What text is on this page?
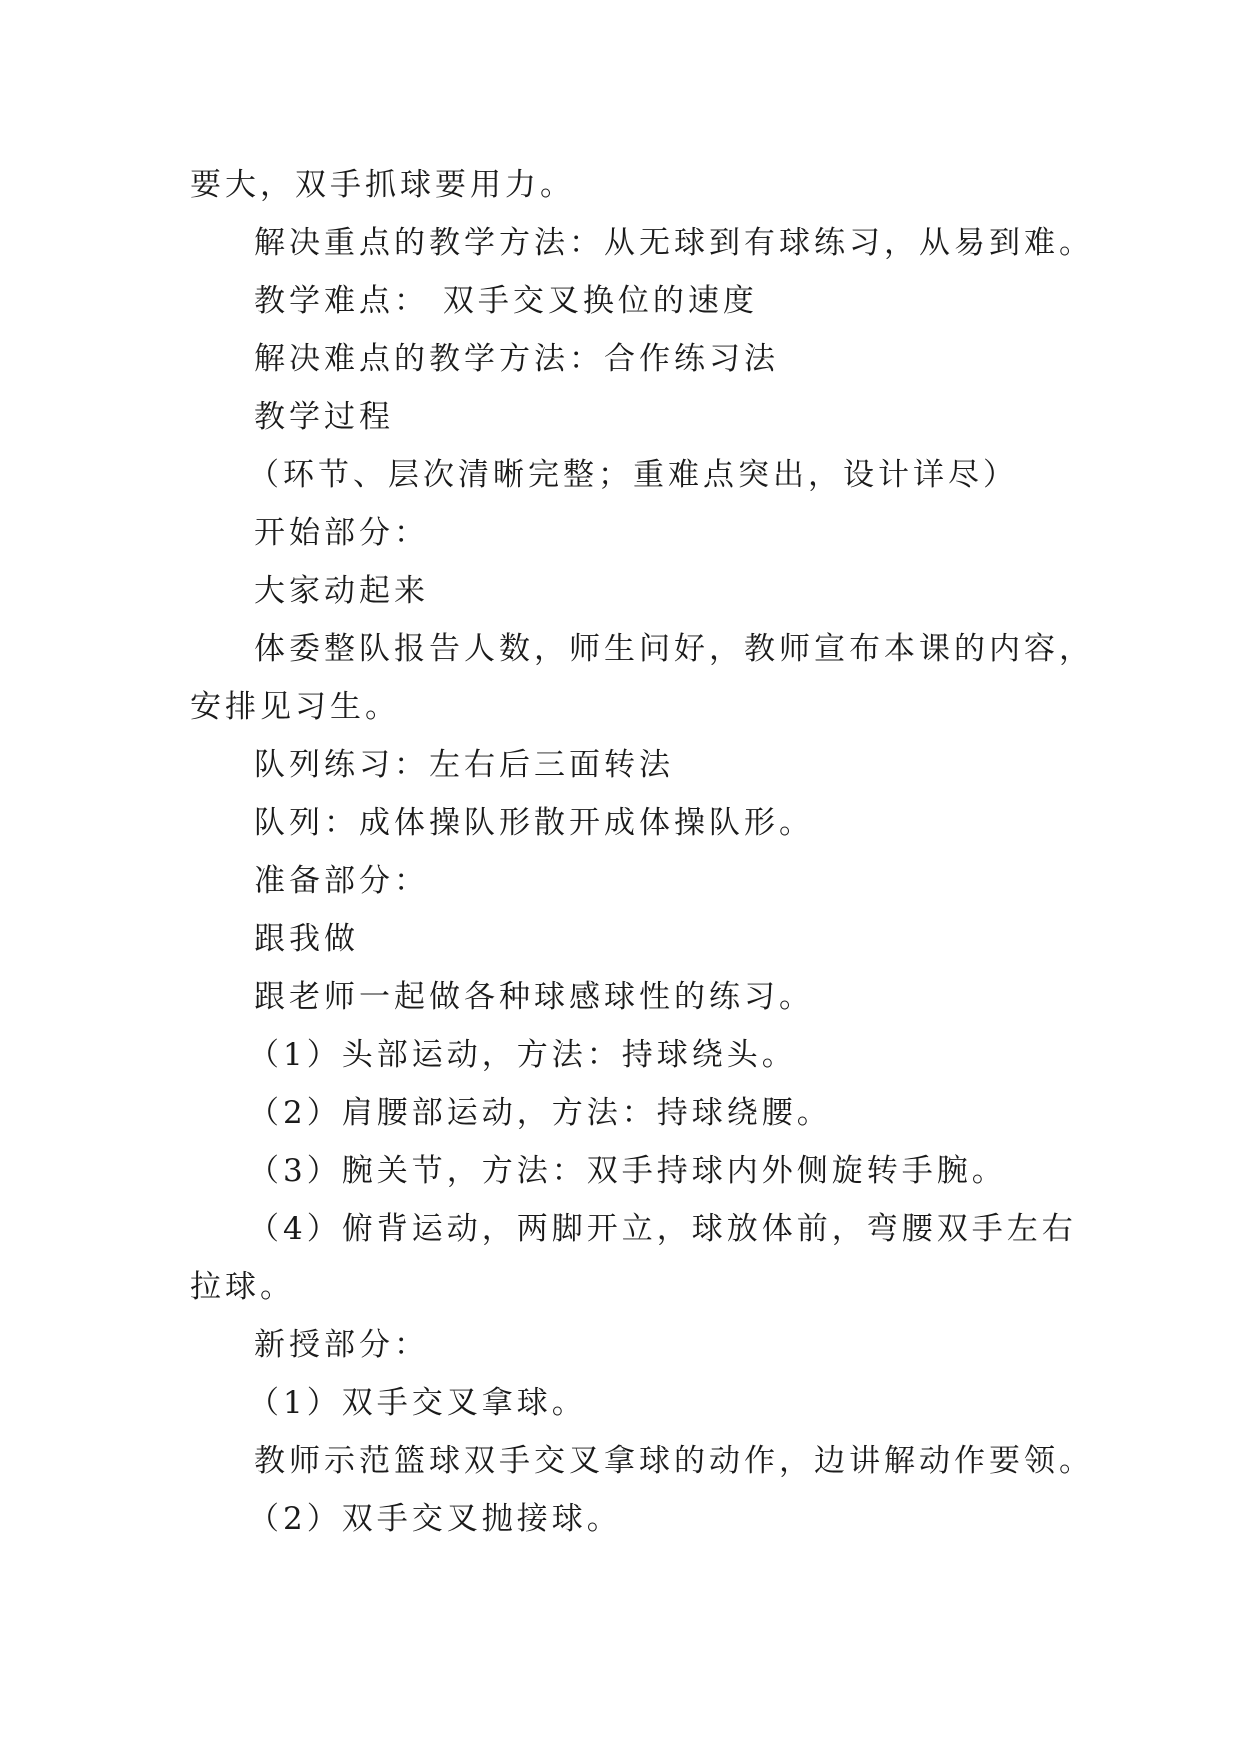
要大，双手抓球要用力。
解决重点的教学方法：从无球到有球练习，从易到难。
教学难点： 双手交叉换位的速度
解决难点的教学方法：合作练习法
教学过程
（环节、层次清晰完整；重难点突出，设计详尽）
开始部分：
大家动起来
体委整队报告人数，师生问好，教师宣布本课的内容，
安排见习生。
队列练习：左右后三面转法
队列：成体操队形散开成体操队形。
准备部分：
跟我做
跟老师一起做各种球感球性的练习。
（1）头部运动，方法：持球绕头。
（2）肩腰部运动，方法：持球绕腰。
（3）腕关节，方法：双手持球内外侧旋转手腕。
（4）俯背运动，两脚开立，球放体前，弯腰双手左右
拉球。
新授部分：
（1）双手交叉拿球。
教师示范篮球双手交叉拿球的动作，边讲解动作要领。
（2）双手交叉抛接球。
